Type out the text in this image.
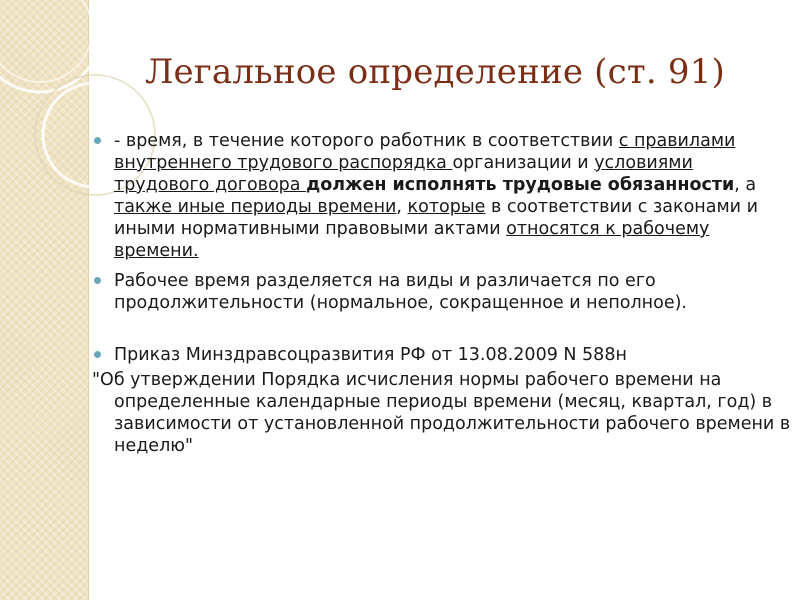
Легальное определение (ст. 91)
- время, в течение которого работник в соответствии с правилами внутреннего трудового распорядка организации и условиями трудового договора должен исполнять трудовые обязанности, а также иные периоды времени, которые в соответствии с законами и иными нормативными правовыми актами относятся к рабочему времени.
Рабочее время разделяется на виды и различается по его продолжительности (нормальное, сокращенное и неполное).
Приказ Минздравсоцразвития РФ от 13.08.2009 N 588н
"Об утверждении Порядка исчисления нормы рабочего времени на определенные календарные периоды времени (месяц, квартал, год) в зависимости от установленной продолжительности рабочего времени в неделю"
